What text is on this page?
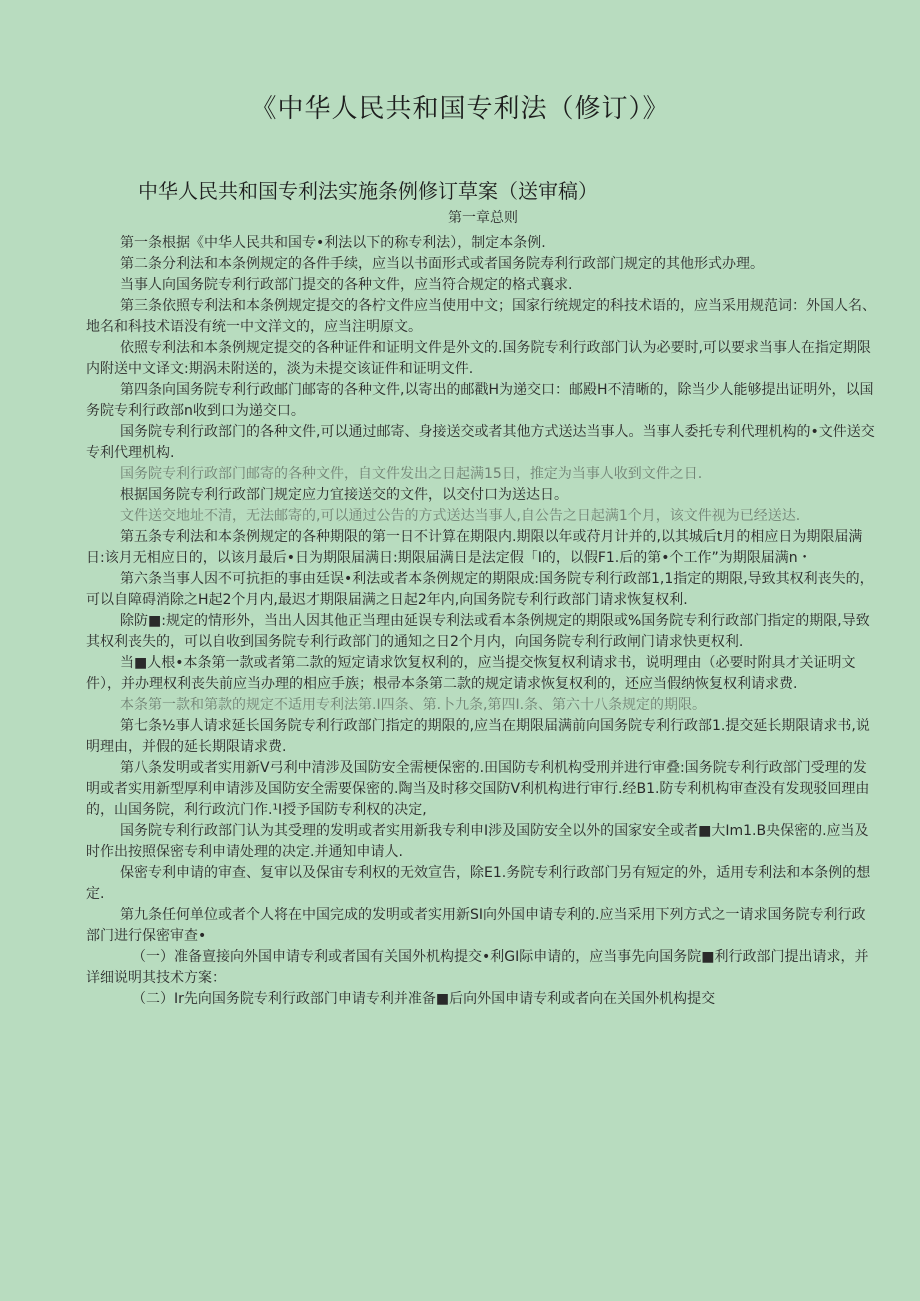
《中华人民共和国专利法（修订）》
中华人民共和国专利法实施条例修订草案（送审稿）
第一章总则

第一条根据《中华人民共和国专•利法以下的称专利法），制定本条例.

第二条分利法和本条例规定的各件手续，应当以书面形式或者国务院寿利行政部门规定的其他形式办理。

当事人向国务院专利行政部门提交的各种文件，应当符合规定的格式襄求.

第三条依照专利法和本条例规定提交的各柠文件应当使用中文；国家行统规定的科技术语的，应当采用规范词：外国人名、地名和科技术语没有统一中文洋文的，应当注明原文。

依照专利法和本条例规定提交的各种证件和证明文件是外文的.国务院专利行政部门认为必要时,可以要求当事人在指定期限内附送中文译文:期涡未附送的，淡为未提交该证件和证明文件.

第四条向国务院专利行政邮门邮寄的各种文件,以寄出的邮戳H为递交口：邮殿H不清晰的，除当少人能够提出证明外，以国务院专利行政部n收到口为递交口。

国务院专利行政部门的各种文件,可以通过邮寄、身接送交或者其他方式送达当事人。当事人委托专利代理机构的•文件送交专利代理机构.

国务院专利行政部门邮寄的各种文件，自文件发出之日起满15日，推定为当事人收到文件之日.

根据国务院专利行政部门规定应力宜接送交的文件，以交付口为送达日。

文件送交地址不清，无法邮寄的,可以通过公告的方式送达当事人,自公告之日起满1个月，该文件视为已经送达.

第五条专利法和本条例规定的各种期限的第一日不计算在期限内.期限以年或苻月计并的,以其城后t月的相应日为期限届满日:该月无相应日的，以该月最后•日为期限届满日:期限届满日是法定假「I的，以假F1.后的第•个工作”为期限届满n・

第六条当事人因不可抗拒的事由廷误•利法或者本条例规定的期限成:国务院专利行政部1,1指定的期限,导致其权利丧失的，可以自障碍消除之H起2个月内,最迟才期限届满之日起2年内,向国务院专利行政部门请求恢复权利.

除防■:规定的情形外，当出人因其他正当理由延误专利法或看本条例规定的期限或%国务院专利行政部门指定的期限,导致其权利丧失的，可以自收到国务院专利行政部门的通知之日2个月内，向国务院专利行政闸门请求快更权利.

当■人根•本条第一款或者第二款的短定请求饮复权利的，应当提交恢复权利请求书，说明理由（必要时附具才关证明文件），并办理权利丧失前应当办理的相应手族；根帚本条第二款的规定请求恢复权利的，还应当假纳恢复权利请求费.

本条第一款和第款的规定不适用专利法第.I四条、第.卜九条,第四I.条、第六十八条规定的期限。

第七条½事人请求延长国务院专利行政部门指定的期限的,应当在期限届满前向国务院专利行政部1.提交延长期限请求书,说明理由，并假的延长期限请求费.

第八条发明或者实用新V弓利中清涉及国防安全需梗保密的.田国防专利机构受刑并进行审叠:国务院专利行政部门受理的发明或者实用新型厚利申请涉及国防安全需要保密的.陶当及时移交国防V利机构进行审行.经B1.防专利机构审查没有发现驳回理由的，山国务院，利行政沆门作.¹I授予国防专利权的决定,

国务院专利行政部门认为其受理的发明或者实用新我专利申I涉及国防安全以外的国家安全或者■大Im1.B央保密的.应当及时作出按照保密专利申请处理的决定.并通知申请人.

保密专利申请的审查、复审以及保宙专利权的无效宣告，除E1.务院专利行政部门另有短定的外，适用专利法和本条例的想定.

第九条任何单位或者个人将在中国完成的发明或者实用新SI向外国申请专利的.应当采用下列方式之一请求国务院专利行政部门进行保密审查•

（一）准备亶接向外国申请专利或者国有关国外机构提交•利GI际申请的，应当事先向国务院■利行政部门提出请求，并详细说明其技术方案：

（二）Ir先向国务院专利行政部门申请专利并准备■后向外国申请专利或者向在关国外机构提交
